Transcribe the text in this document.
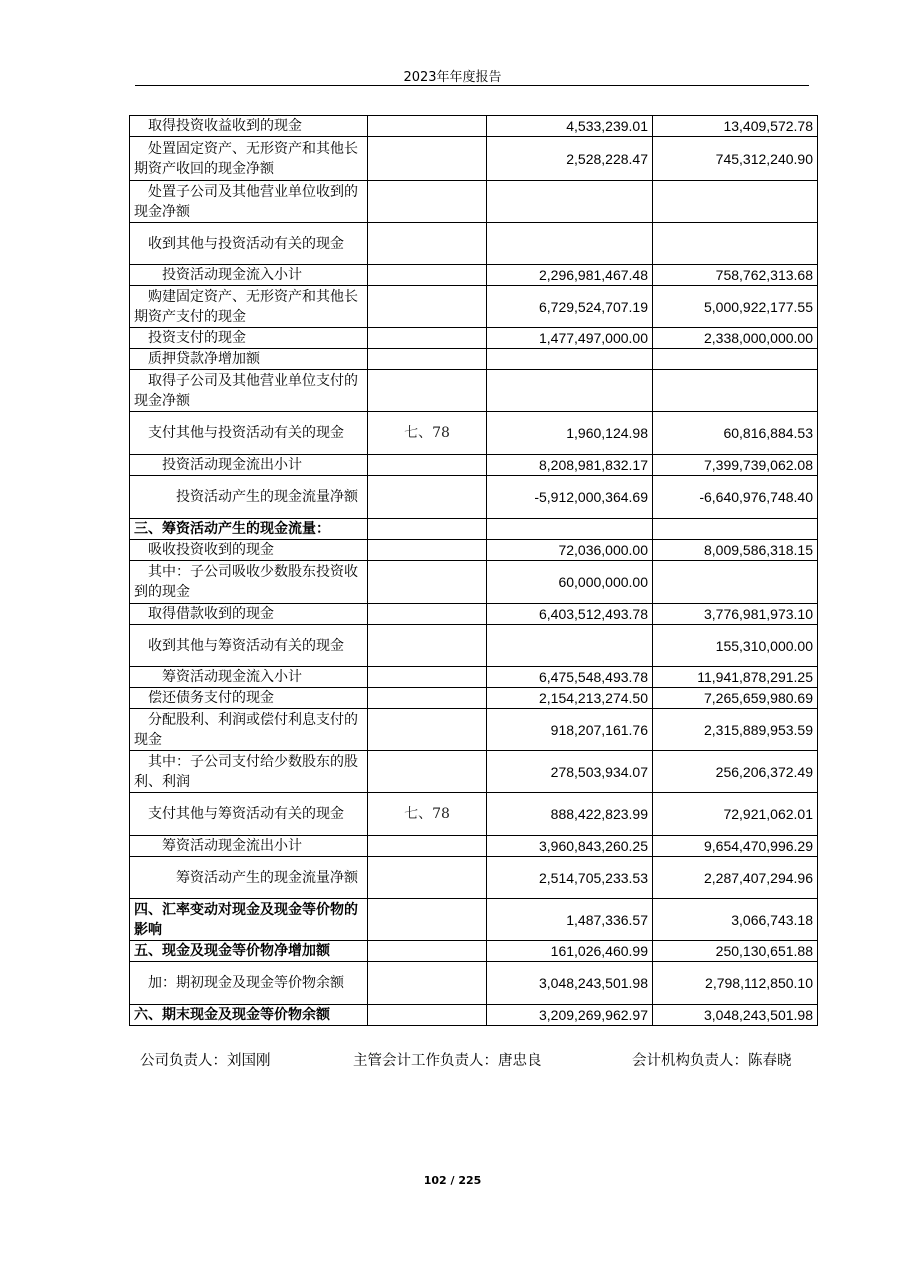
2023年年度报告
取得投资收益收到的现金		4,533,239.01	13,409,572.78
处置固定资产、无形资产和其他长期资产收回的现金净额		2,528,228.47	745,312,240.90
处置子公司及其他营业单位收到的现金净额			
收到其他与投资活动有关的现金			
投资活动现金流入小计		2,296,981,467.48	758,762,313.68
购建固定资产、无形资产和其他长期资产支付的现金		6,729,524,707.19	5,000,922,177.55
投资支付的现金		1,477,497,000.00	2,338,000,000.00
质押贷款净增加额			
取得子公司及其他营业单位支付的现金净额			
支付其他与投资活动有关的现金	七、78	1,960,124.98	60,816,884.53
投资活动现金流出小计		8,208,981,832.17	7,399,739,062.08
投资活动产生的现金流量净额		-5,912,000,364.69	-6,640,976,748.40
三、筹资活动产生的现金流量：			
吸收投资收到的现金		72,036,000.00	8,009,586,318.15
其中：子公司吸收少数股东投资收到的现金		60,000,000.00	
取得借款收到的现金		6,403,512,493.78	3,776,981,973.10
收到其他与筹资活动有关的现金			155,310,000.00
筹资活动现金流入小计		6,475,548,493.78	11,941,878,291.25
偿还债务支付的现金		2,154,213,274.50	7,265,659,980.69
分配股利、利润或偿付利息支付的现金		918,207,161.76	2,315,889,953.59
其中：子公司支付给少数股东的股利、利润		278,503,934.07	256,206,372.49
支付其他与筹资活动有关的现金	七、78	888,422,823.99	72,921,062.01
筹资活动现金流出小计		3,960,843,260.25	9,654,470,996.29
筹资活动产生的现金流量净额		2,514,705,233.53	2,287,407,294.96
四、汇率变动对现金及现金等价物的影响		1,487,336.57	3,066,743.18
五、现金及现金等价物净增加额		161,026,460.99	250,130,651.88
加：期初现金及现金等价物余额		3,048,243,501.98	2,798,112,850.10
六、期末现金及现金等价物余额		3,209,269,962.97	3,048,243,501.98
公司负责人：刘国刚	主管会计工作负责人：唐忠良	会计机构负责人：陈春晓
102 / 225
